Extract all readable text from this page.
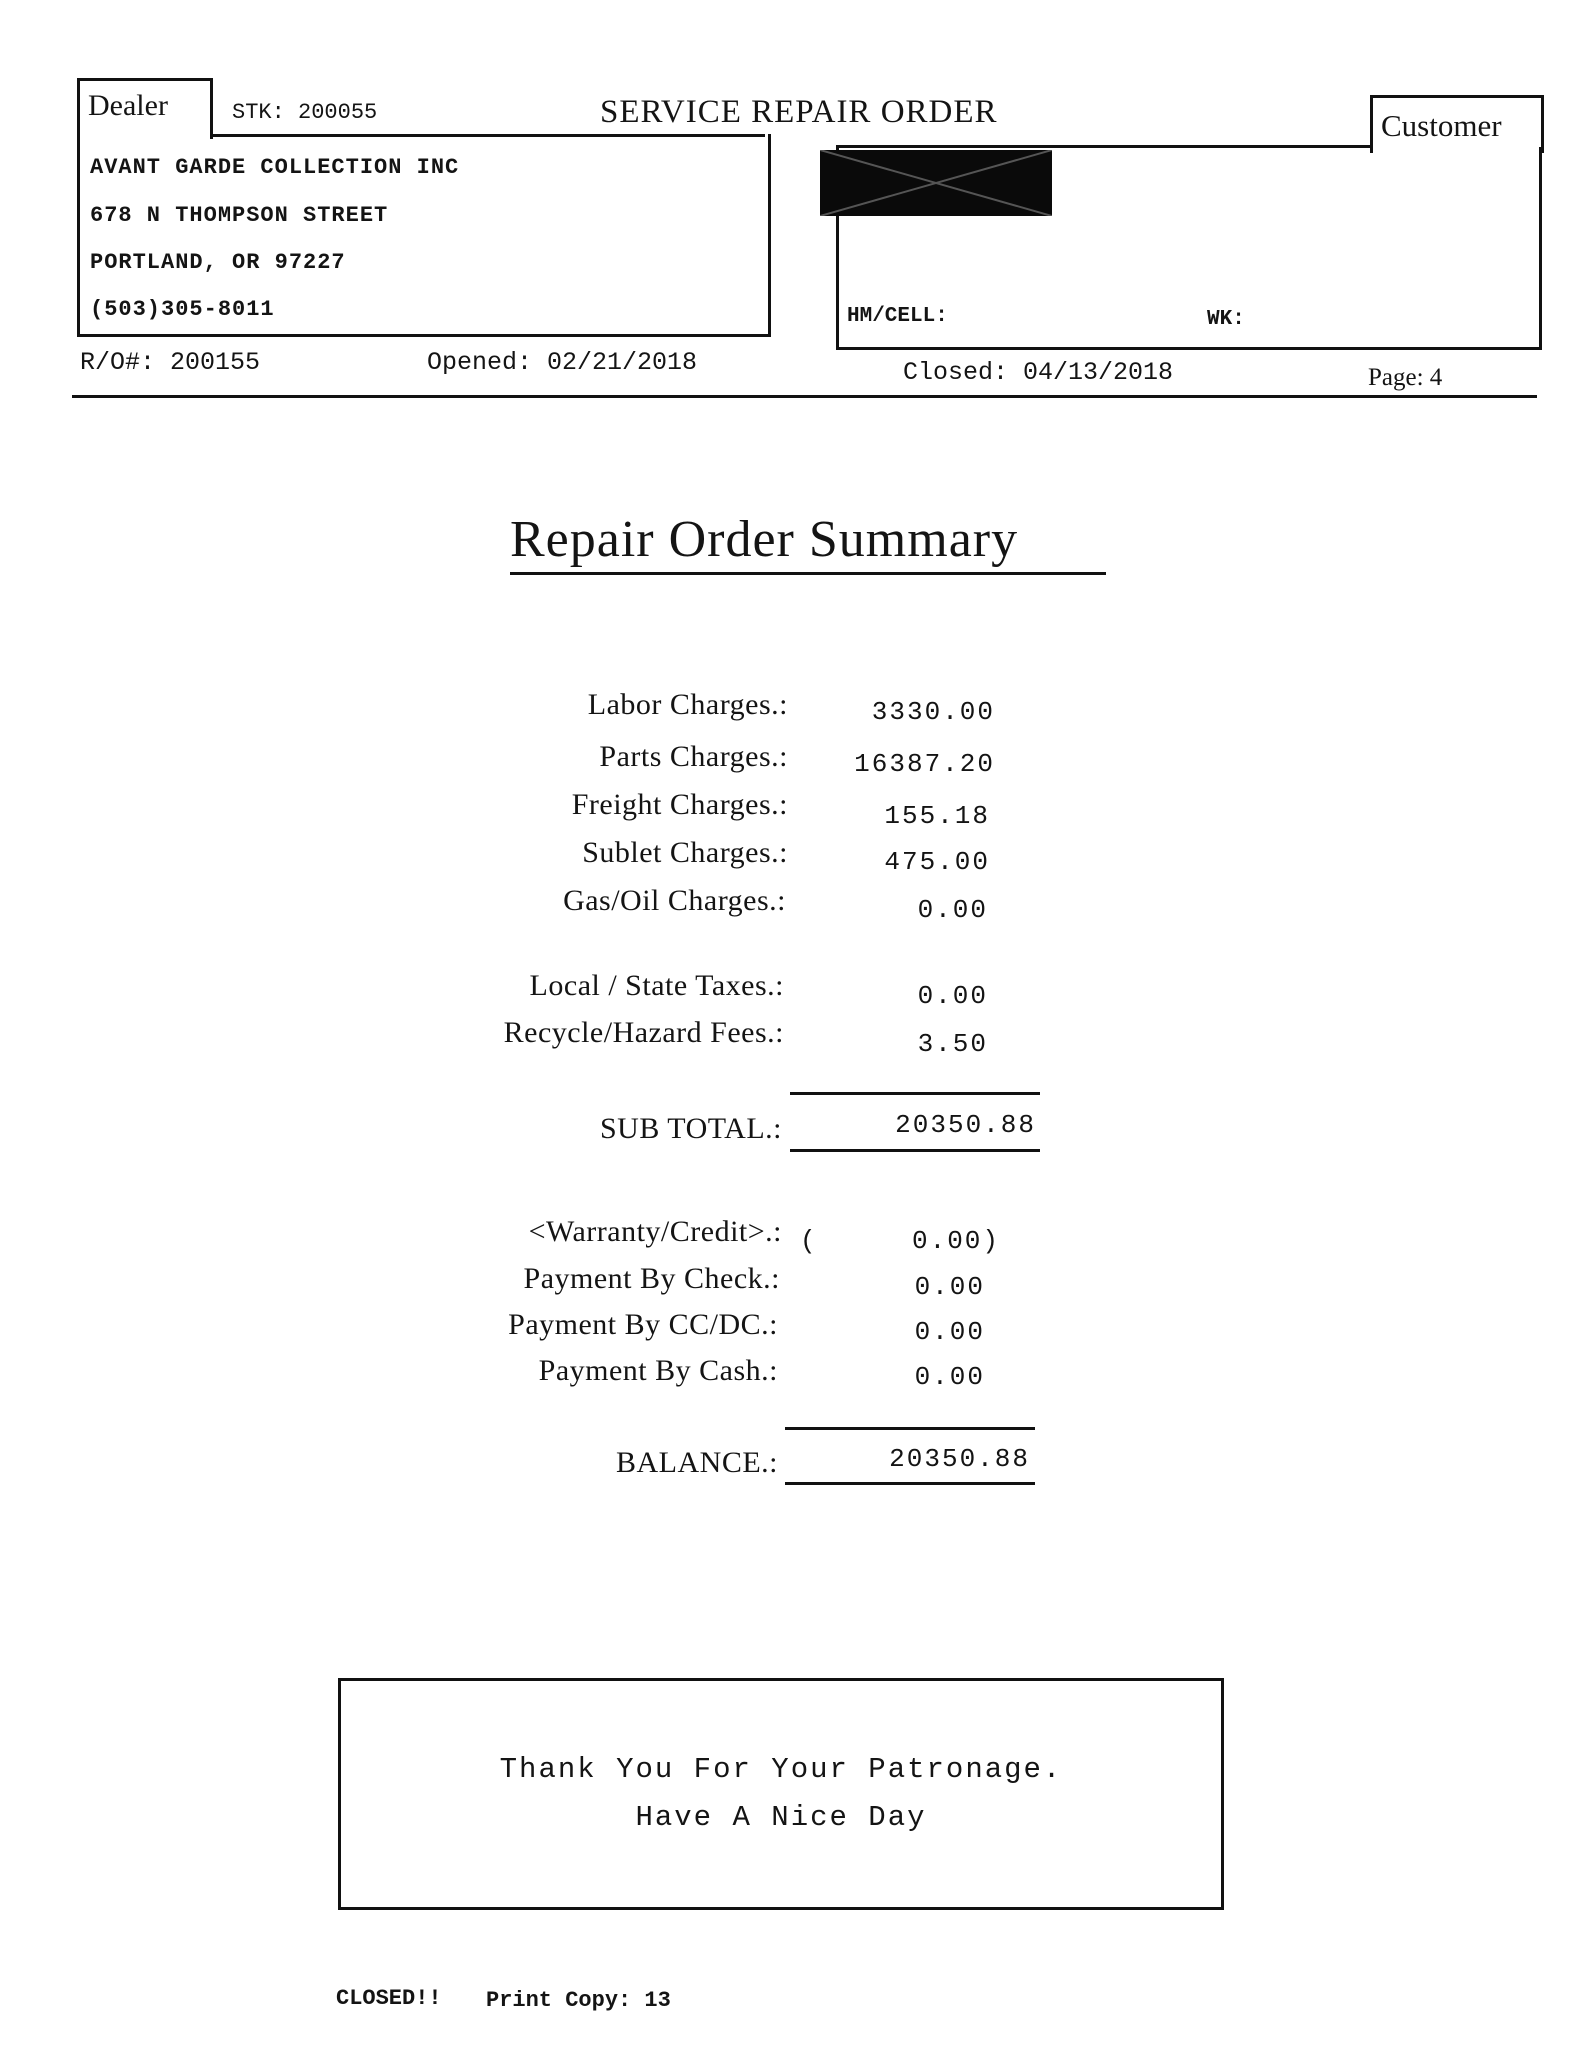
Dealer	STK: 200055	SERVICE REPAIR ORDER
AVANT GARDE COLLECTION INC
678 N THOMPSON STREET
PORTLAND, OR 97227
(503)305-8011
Customer
HM/CELL:	WK:
R/O#: 200155	Opened: 02/21/2018	Closed: 04/13/2018	Page: 4
Repair Order Summary
Labor Charges.:	3330.00
Parts Charges.:	16387.20
Freight Charges.:	155.18
Sublet Charges.:	475.00
Gas/Oil Charges.:	0.00
Local / State Taxes.:	0.00
Recycle/Hazard Fees.:	3.50
SUB TOTAL.:	20350.88
<Warranty/Credit>.: (	0.00)
Payment By Check.:	0.00
Payment By CC/DC.:	0.00
Payment By Cash.:	0.00
BALANCE.:	20350.88
Thank You For Your Patronage.
Have A Nice Day
CLOSED!! Print Copy: 13
